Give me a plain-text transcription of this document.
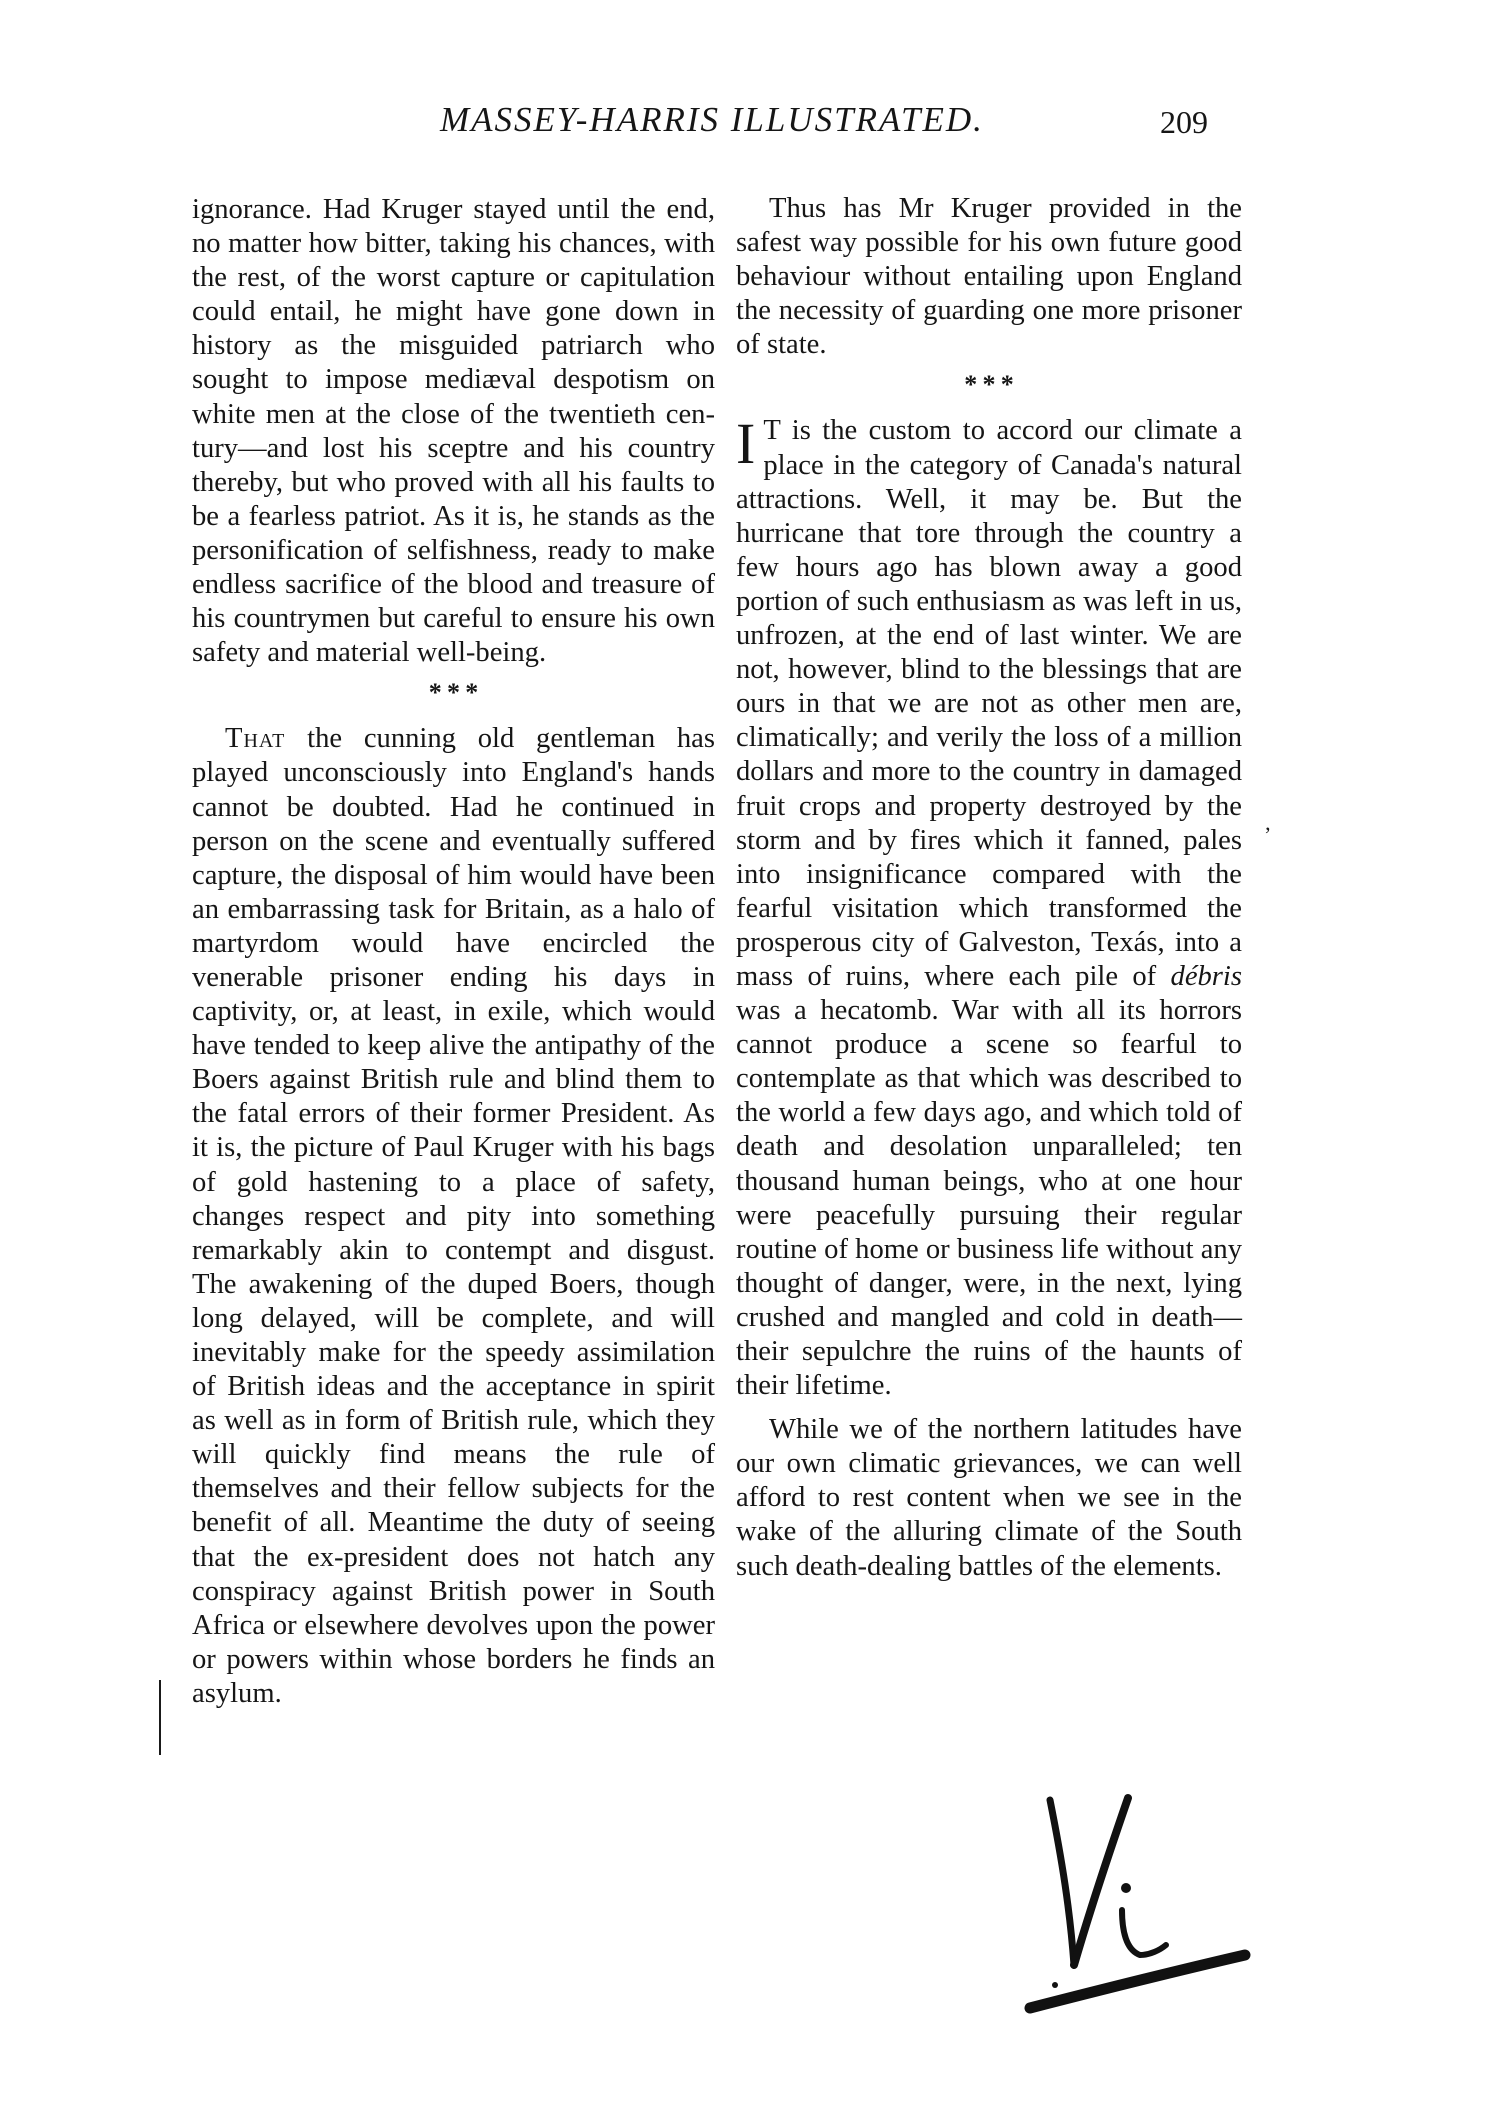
MASSEY-HARRIS ILLUSTRATED.	209

ignorance. Had Kruger stayed until the end, no matter how bitter, taking his chances, with the rest, of the worst capture or capitulation could entail, he might have gone down in history as the misguided patriarch who sought to impose mediæval despotism on white men at the close of the twentieth century—and lost his sceptre and his country thereby, but who proved with all his faults to be a fearless patriot. As it is, he stands as the personification of selfishness, ready to make endless sacrifice of the blood and treasure of his countrymen but careful to ensure his own safety and material well-being.

* * *

That the cunning old gentleman has played unconsciously into England's hands cannot be doubted. Had he continued in person on the scene and eventually suffered capture, the disposal of him would have been an embarrassing task for Britain, as a halo of martyrdom would have encircled the venerable prisoner ending his days in captivity, or, at least, in exile, which would have tended to keep alive the antipathy of the Boers against British rule and blind them to the fatal errors of their former President. As it is, the picture of Paul Kruger with his bags of gold hastening to a place of safety, changes respect and pity into something remarkably akin to contempt and disgust. The awakening of the duped Boers, though long delayed, will be complete, and will inevitably make for the speedy assimilation of British ideas and the acceptance in spirit as well as in form of British rule, which they will quickly find means the rule of themselves and their fellow subjects for the benefit of all. Meantime the duty of seeing that the ex-president does not hatch any conspiracy against British power in South Africa or elsewhere devolves upon the power or powers within whose borders he finds an asylum.

Thus has Mr Kruger provided in the safest way possible for his own future good behaviour without entailing upon England the necessity of guarding one more prisoner of state.

* * *

I T is the custom to accord our climate a place in the category of Canada's natural attractions. Well, it may be. But the hurricane that tore through the country a few hours ago has blown away a good portion of such enthusiasm as was left in us, unfrozen, at the end of last winter. We are not, however, blind to the blessings that are ours in that we are not as other men are, climatically; and verily the loss of a million dollars and more to the country in damaged fruit crops and property destroyed by the storm and by fires which it fanned, pales into insignificance compared with the fearful visitation which transformed the prosperous city of Galveston, Texás, into a mass of ruins, where each pile of débris was a hecatomb. War with all its horrors cannot produce a scene so fearful to contemplate as that which was described to the world a few days ago, and which told of death and desolation unparalleled; ten thousand human beings, who at one hour were peacefully pursuing their regular routine of home or business life without any thought of danger, were, in the next, lying crushed and mangled and cold in death—their sepulchre the ruins of the haunts of their lifetime.

While we of the northern latitudes have our own climatic grievances, we can well afford to rest content when we see in the wake of the alluring climate of the South such death-dealing battles of the elements.

’
